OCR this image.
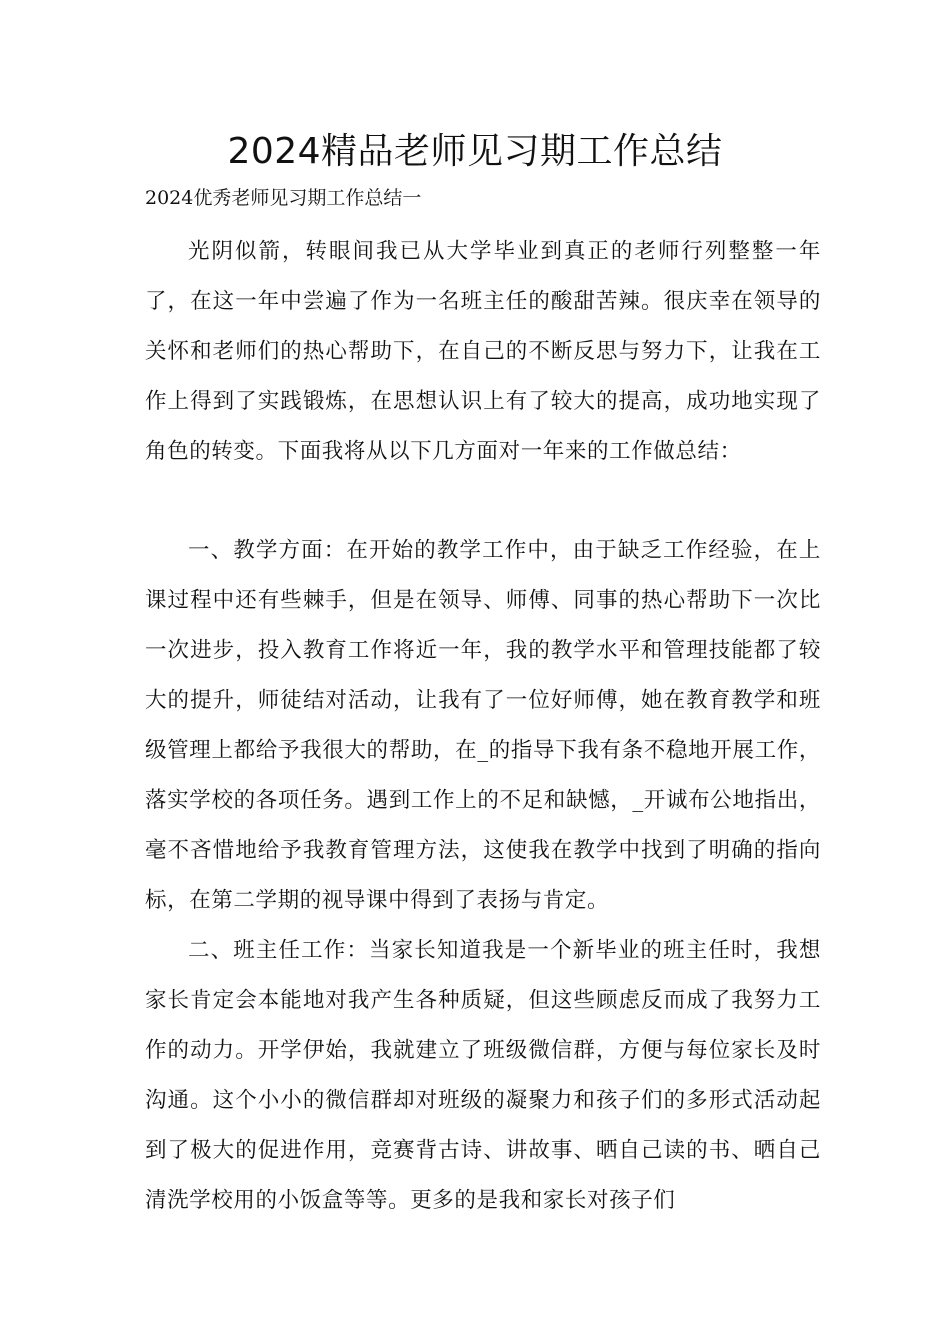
2024精品老师见习期工作总结

2024优秀老师见习期工作总结一

光阴似箭，转眼间我已从大学毕业到真正的老师行列整整一年了，在这一年中尝遍了作为一名班主任的酸甜苦辣。很庆幸在领导的关怀和老师们的热心帮助下，在自己的不断反思与努力下，让我在工作上得到了实践锻炼，在思想认识上有了较大的提高，成功地实现了角色的转变。下面我将从以下几方面对一年来的工作做总结：

一、教学方面：在开始的教学工作中，由于缺乏工作经验，在上课过程中还有些棘手，但是在领导、师傅、同事的热心帮助下一次比一次进步，投入教育工作将近一年，我的教学水平和管理技能都了较大的提升，师徒结对活动，让我有了一位好师傅，她在教育教学和班级管理上都给予我很大的帮助，在_的指导下我有条不稳地开展工作，落实学校的各项任务。遇到工作上的不足和缺憾，_开诚布公地指出，毫不吝惜地给予我教育管理方法，这使我在教学中找到了明确的指向标，在第二学期的视导课中得到了表扬与肯定。

二、班主任工作：当家长知道我是一个新毕业的班主任时，我想家长肯定会本能地对我产生各种质疑，但这些顾虑反而成了我努力工作的动力。开学伊始，我就建立了班级微信群，方便与每位家长及时沟通。这个小小的微信群却对班级的凝聚力和孩子们的多形式活动起到了极大的促进作用，竞赛背古诗、讲故事、晒自己读的书、晒自己清洗学校用的小饭盒等等。更多的是我和家长对孩子们
